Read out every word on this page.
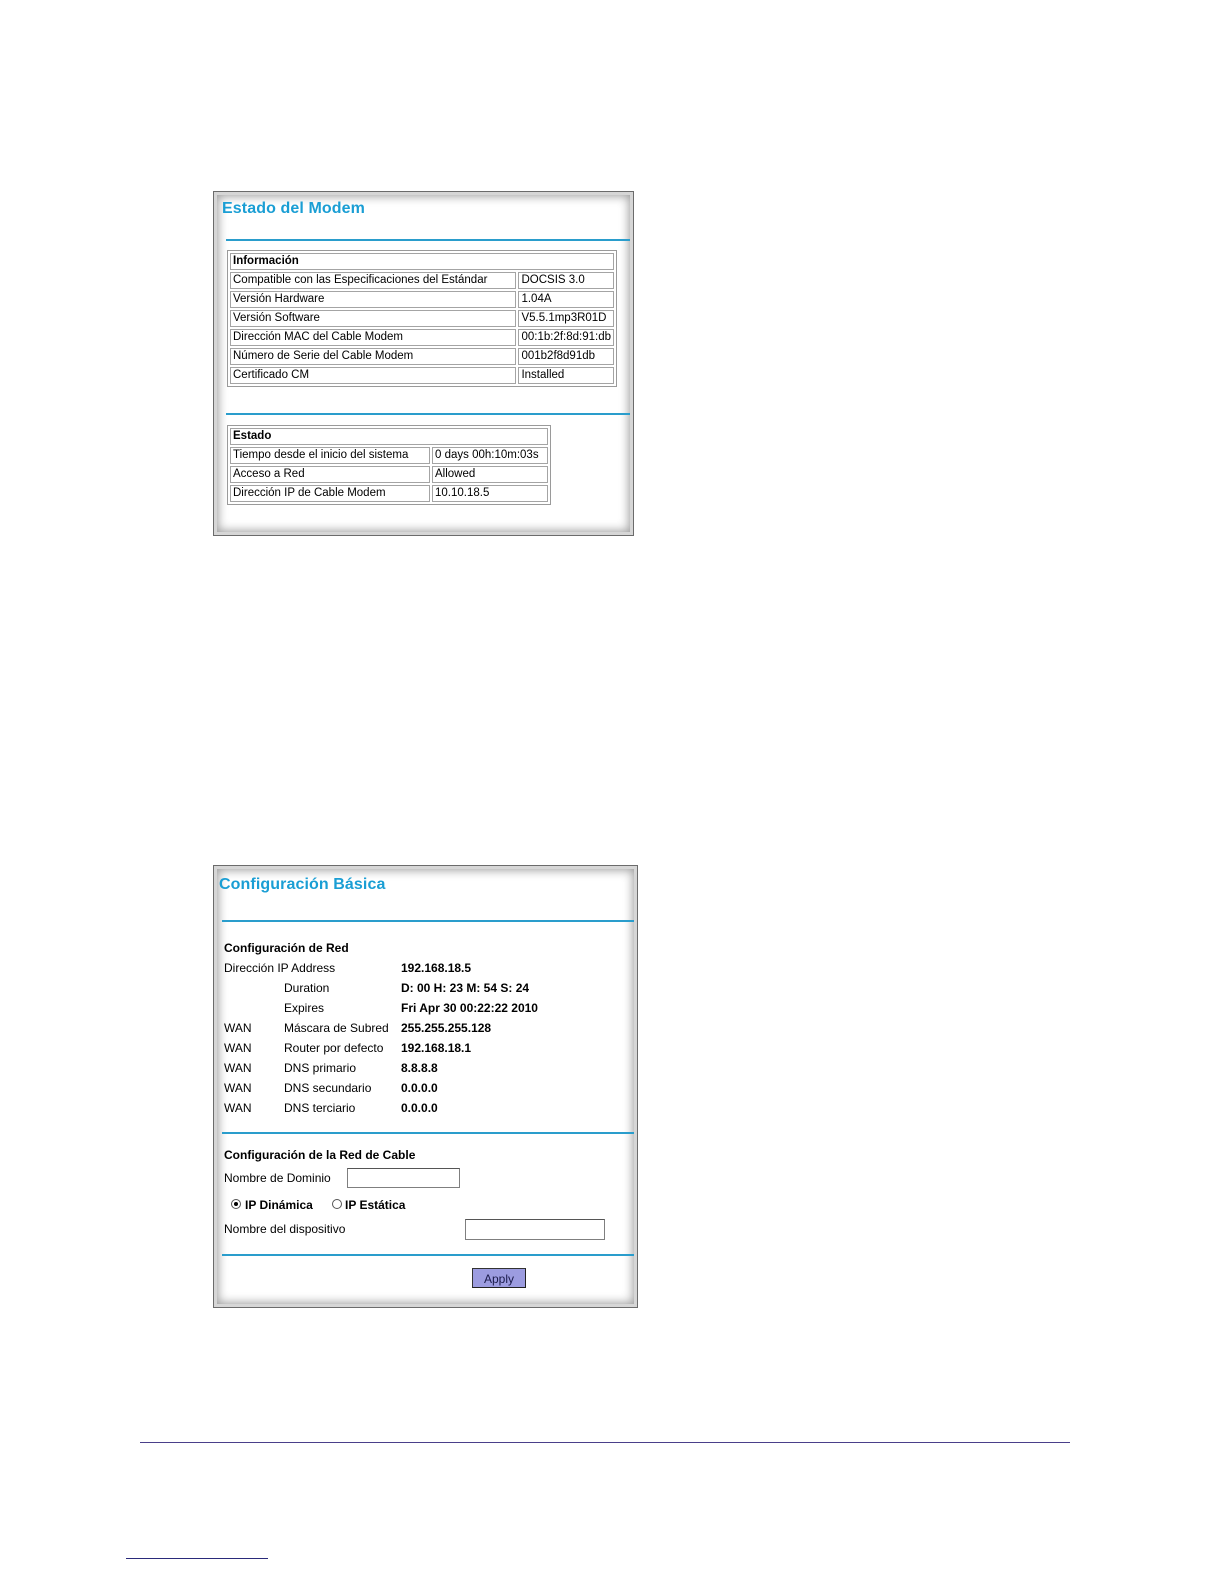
Estado del Modem
Información	
Compatible con las Especificaciones del Estándar	DOCSIS 3.0
Versión Hardware	1.04A
Versión Software	V5.5.1mp3R01D
Dirección MAC del Cable Modem	00:1b:2f:8d:91:db
Número de Serie del Cable Modem	001b2f8d91db
Certificado CM	Installed
Estado	
Tiempo desde el inicio del sistema	0 days 00h:10m:03s
Acceso a Red	Allowed
Dirección IP de Cable Modem	10.10.18.5
Configuración Básica
Configuración de Red
Dirección IP Address	192.168.18.5
Duration	D: 00 H: 23 M: 54 S: 24
Expires	Fri Apr 30 00:22:22 2010
WAN	Máscara de Subred 255.255.255.128
WAN	Router por defecto 192.168.18.1
WAN	DNS primario	8.8.8.8
WAN	DNS secundario 0.0.0.0
WAN	DNS terciario	0.0.0.0
Configuración de la Red de Cable
Nombre de Dominio
IP Dinámica	IP Estática
Nombre del dispositivo
Apply
